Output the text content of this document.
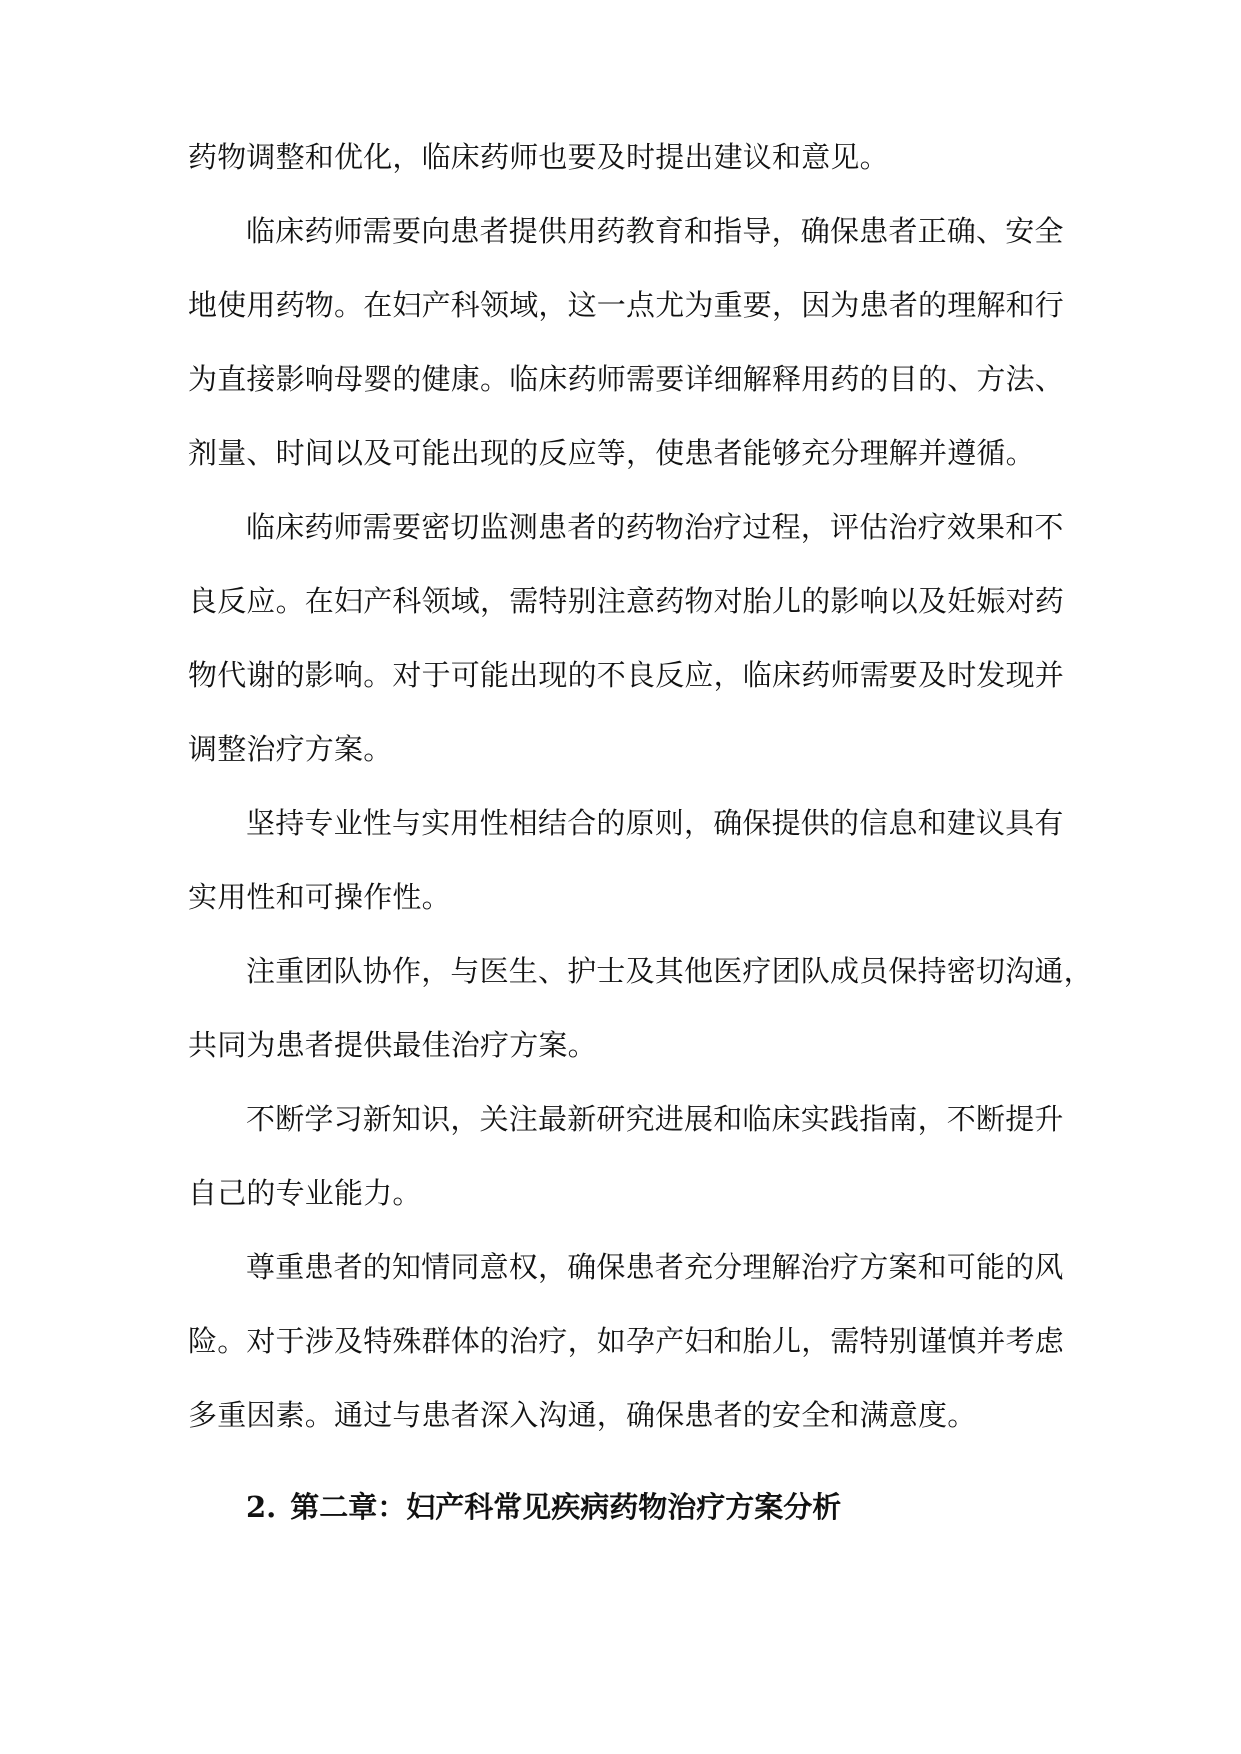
药物调整和优化，临床药师也要及时提出建议和意见。
临床药师需要向患者提供用药教育和指导，确保患者正确、安全
地使用药物。在妇产科领域，这一点尤为重要，因为患者的理解和行
为直接影响母婴的健康。临床药师需要详细解释用药的目的、方法、
剂量、时间以及可能出现的反应等，使患者能够充分理解并遵循。
临床药师需要密切监测患者的药物治疗过程，评估治疗效果和不
良反应。在妇产科领域，需特别注意药物对胎儿的影响以及妊娠对药
物代谢的影响。对于可能出现的不良反应，临床药师需要及时发现并
调整治疗方案。
坚持专业性与实用性相结合的原则，确保提供的信息和建议具有
实用性和可操作性。
注重团队协作，与医生、护士及其他医疗团队成员保持密切沟通，
共同为患者提供最佳治疗方案。
不断学习新知识，关注最新研究进展和临床实践指南，不断提升
自己的专业能力。
尊重患者的知情同意权，确保患者充分理解治疗方案和可能的风
险。对于涉及特殊群体的治疗，如孕产妇和胎儿，需特别谨慎并考虑
多重因素。通过与患者深入沟通，确保患者的安全和满意度。
2. 第二章：妇产科常见疾病药物治疗方案分析
